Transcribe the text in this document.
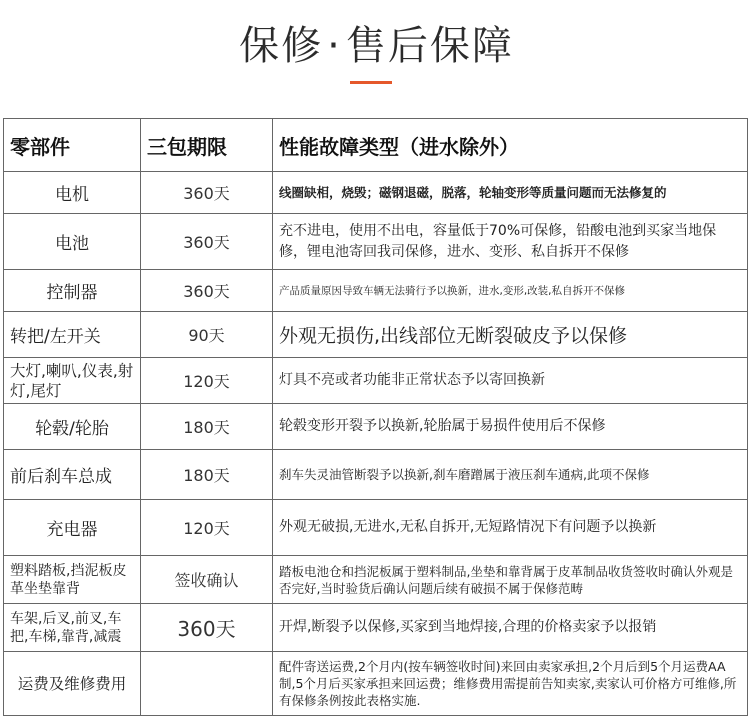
保修 · 售后保障
零部件	三包期限	性能故障类型（进水除外）
电机	360天	线圈缺相，烧毁；磁钢退磁，脱落，轮轴变形等质量问题而无法修复的
电池	360天	充不进电，使用不出电，容量低于70%可保修，铅酸电池到买家当地保修，锂电池寄回我司保修，进水、变形、私自拆开不保修
控制器	360天	产品质量原因导致车辆无法骑行予以换新，进水,变形,改装,私自拆开不保修
转把/左开关	90天	外观无损伤,出线部位无断裂破皮予以保修
大灯,喇叭,仪表,射灯,尾灯	120天	灯具不亮或者功能非正常状态予以寄回换新
轮毂/轮胎	180天	轮毂变形开裂予以换新,轮胎属于易损件使用后不保修
前后刹车总成	180天	刹车失灵油管断裂予以换新,刹车磨蹭属于液压刹车通病,此项不保修
充电器	120天	外观无破损,无进水,无私自拆开,无短路情况下有问题予以换新
塑料踏板,挡泥板皮革坐垫靠背	签收确认	踏板电池仓和挡泥板属于塑料制品,坐垫和靠背属于皮革制品收货签收时确认外观是否完好,当时验货后确认问题后续有破损不属于保修范畴
车架,后叉,前叉,车把,车梯,靠背,减震	360天	开焊,断裂予以保修,买家到当地焊接,合理的价格卖家予以报销
运费及维修费用		配件寄送运费,2个月内(按车辆签收时间)来回由卖家承担,2个月后到5个月运费AA制,5个月后买家承担来回运费；维修费用需提前告知卖家,卖家认可价格方可维修,所有保修条例按此表格实施.
